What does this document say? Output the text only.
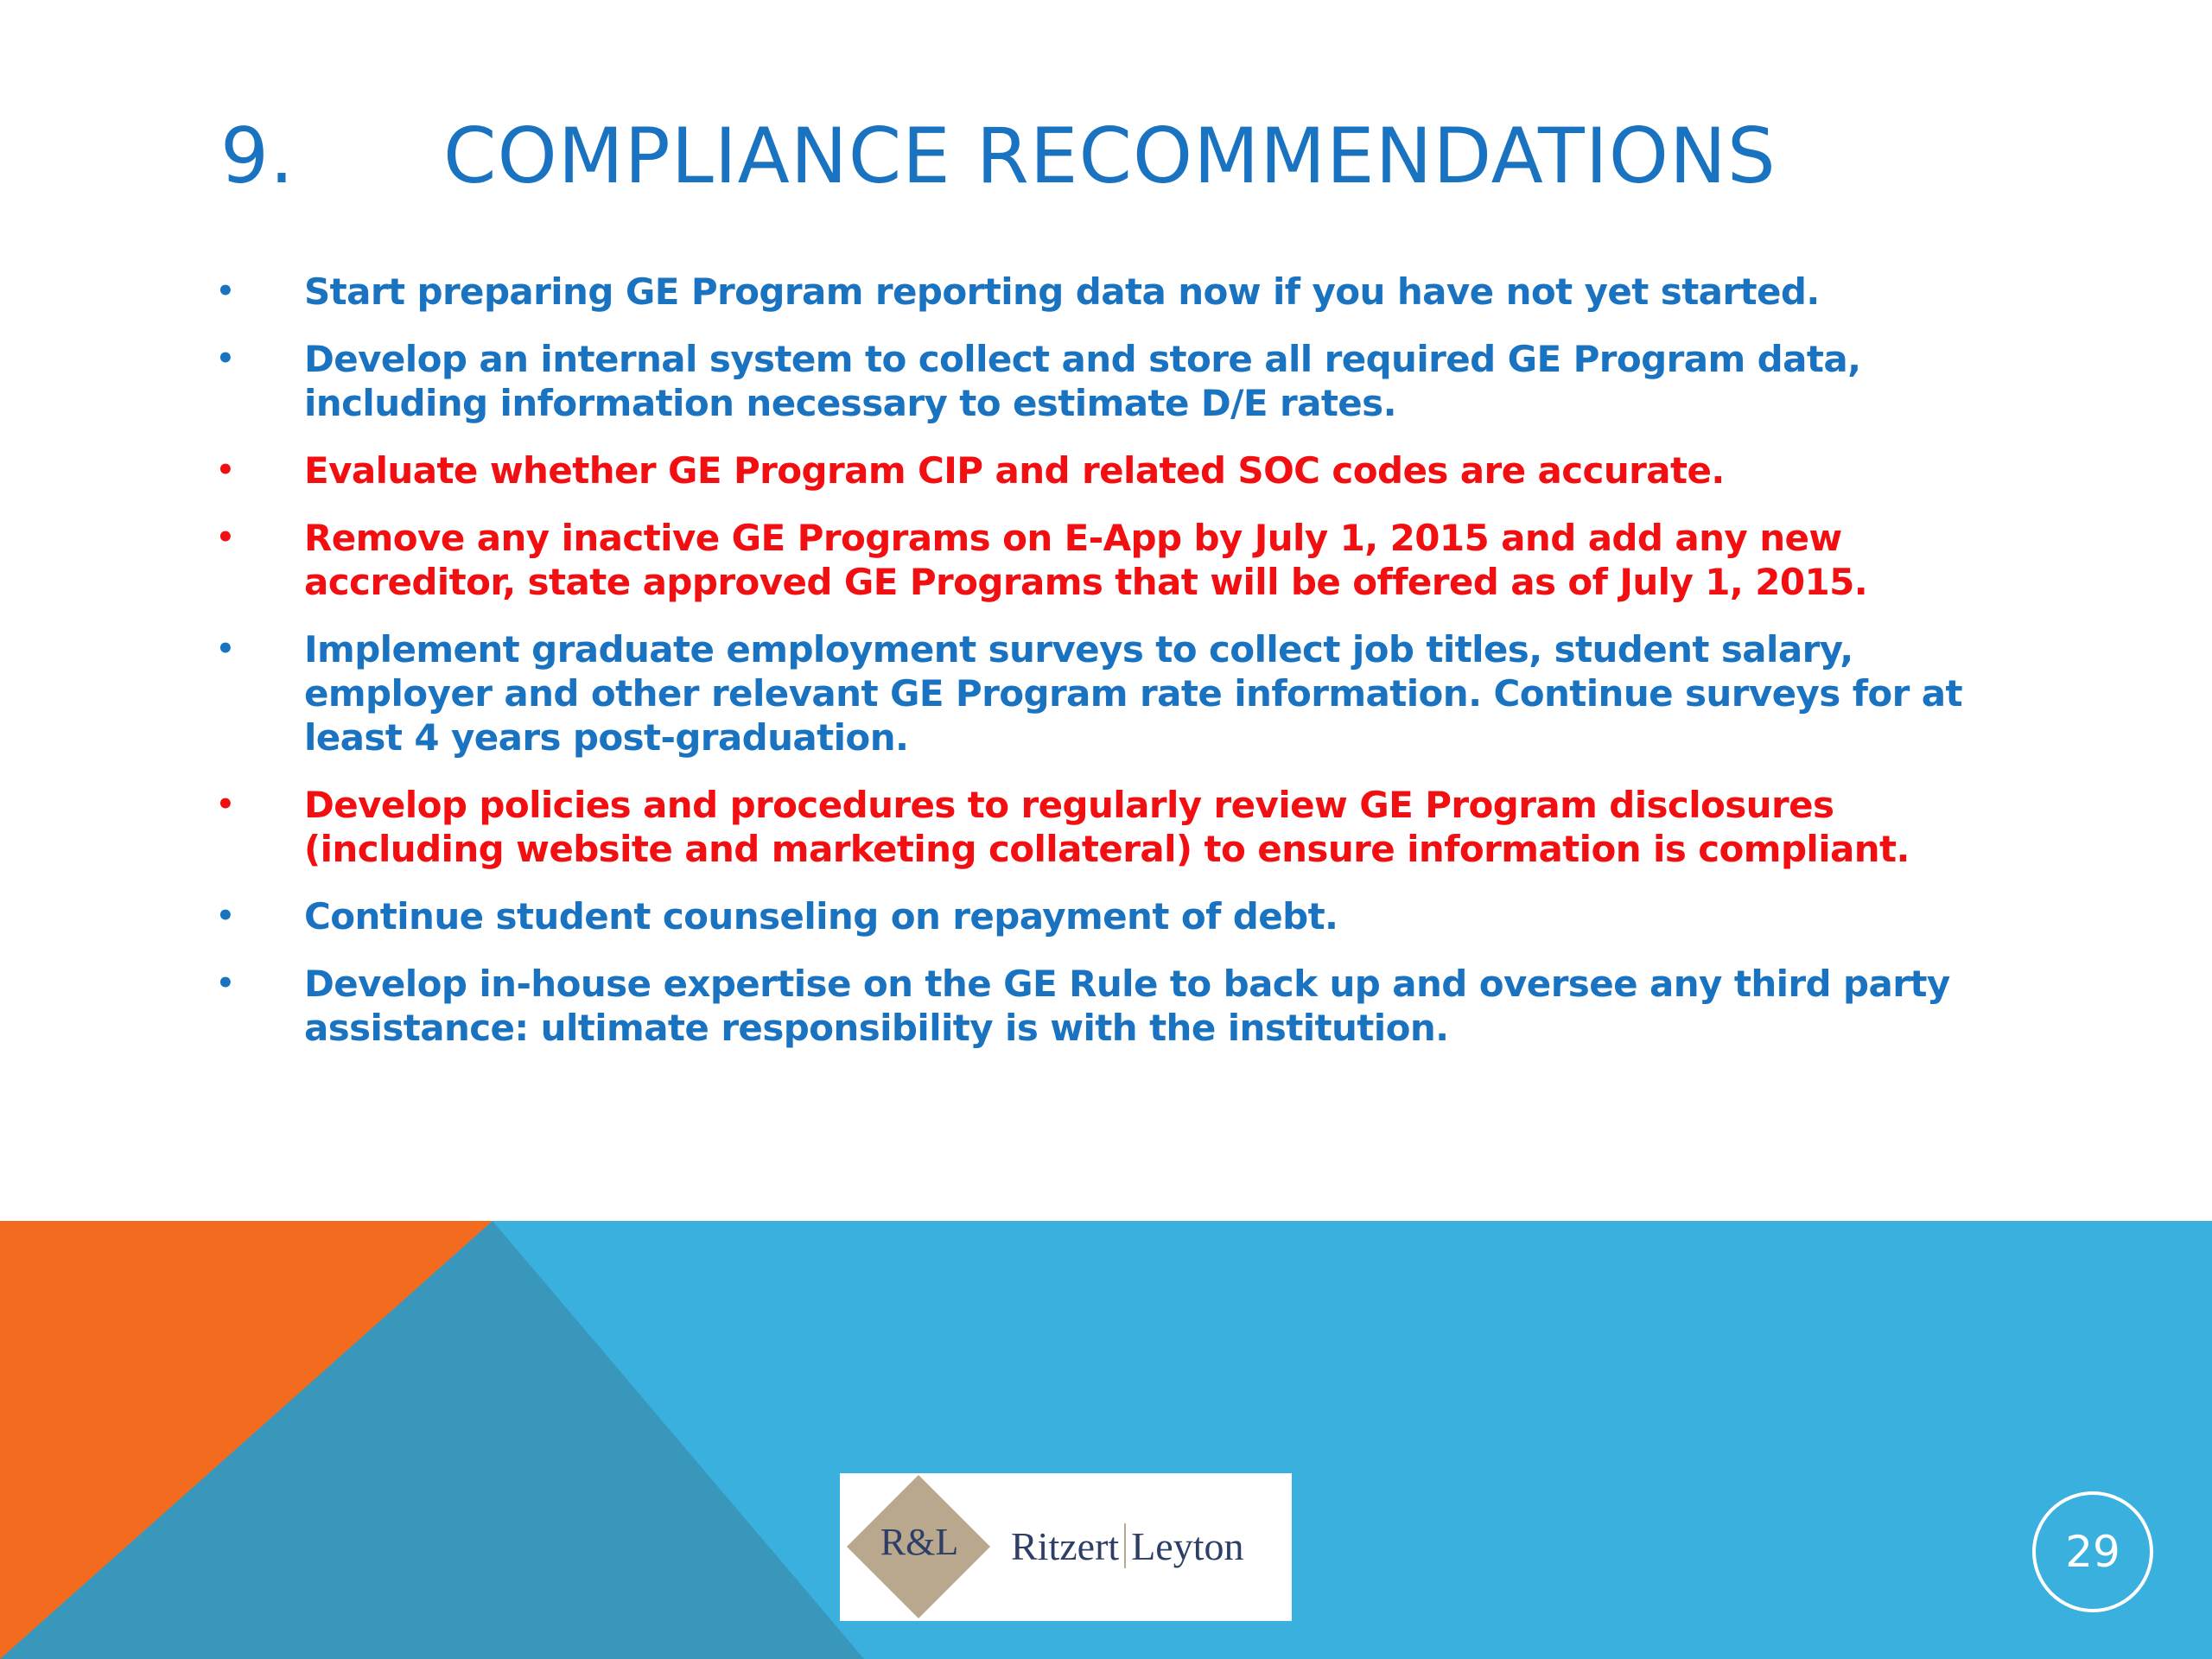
9.	COMPLIANCE RECOMMENDATIONS
• Start preparing GE Program reporting data now if you have not yet started.
• Develop an internal system to collect and store all required GE Program data, including information necessary to estimate D/E rates.
• Evaluate whether GE Program CIP and related SOC codes are accurate.
• Remove any inactive GE Programs on E-App by July 1, 2015 and add any new accreditor, state approved GE Programs that will be offered as of July 1, 2015.
• Implement graduate employment surveys to collect job titles, student salary, employer and other relevant GE Program rate information. Continue surveys for at least 4 years post-graduation.
• Develop policies and procedures to regularly review GE Program disclosures (including website and marketing collateral) to ensure information is compliant.
• Continue student counseling on repayment of debt.
• Develop in-house expertise on the GE Rule to back up and oversee any third party assistance: ultimate responsibility is with the institution.
R&L Ritzert Leyton	29
